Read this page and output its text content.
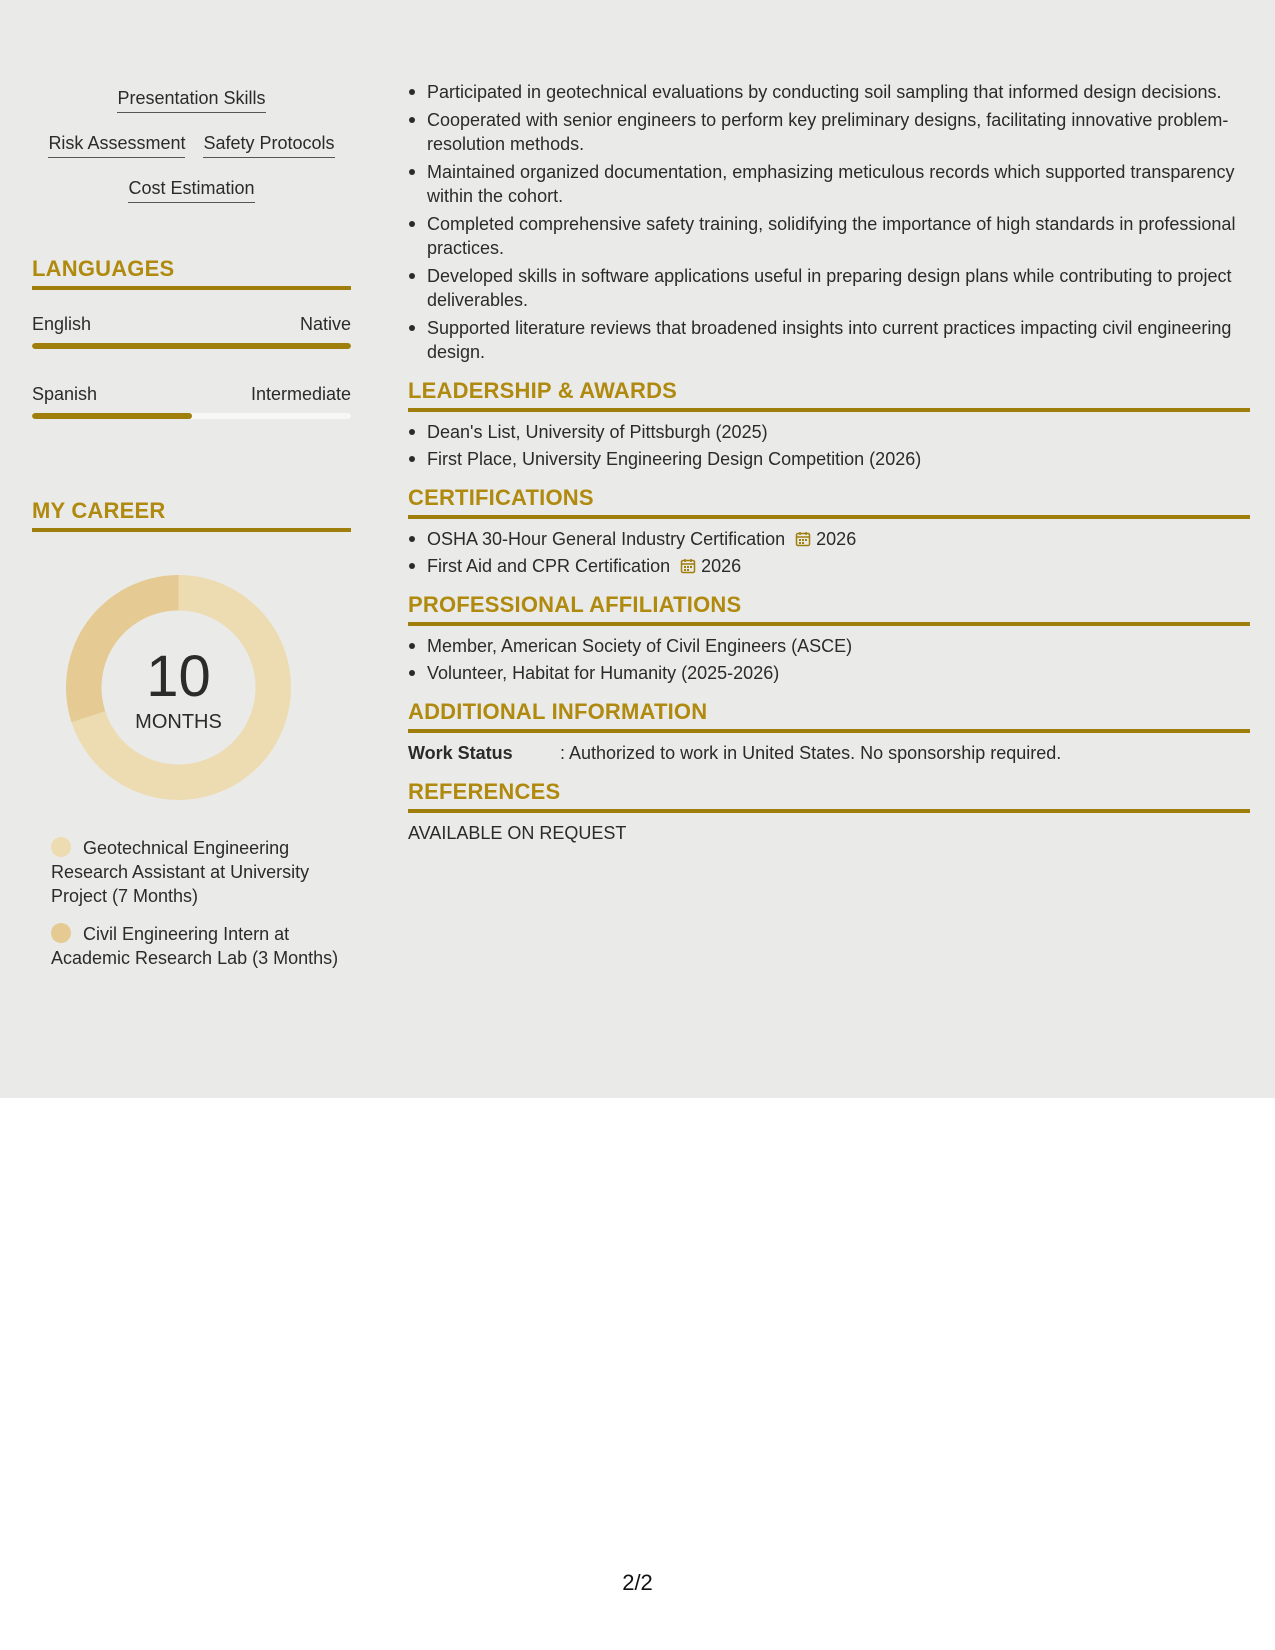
Presentation Skills
Risk Assessment Safety Protocols
Cost Estimation
LANGUAGES
English	Native
Spanish	Intermediate
MY CAREER
10
MONTHS
Geotechnical Engineering Research Assistant at University Project (7 Months)
Civil Engineering Intern at Academic Research Lab (3 Months)
Participated in geotechnical evaluations by conducting soil sampling that informed design decisions.
Cooperated with senior engineers to perform key preliminary designs, facilitating innovative problem-resolution methods.
Maintained organized documentation, emphasizing meticulous records which supported transparency within the cohort.
Completed comprehensive safety training, solidifying the importance of high standards in professional practices.
Developed skills in software applications useful in preparing design plans while contributing to project deliverables.
Supported literature reviews that broadened insights into current practices impacting civil engineering design.
LEADERSHIP & AWARDS
Dean's List, University of Pittsburgh (2025)
First Place, University Engineering Design Competition (2026)
CERTIFICATIONS
OSHA 30-Hour General Industry Certification 2026
First Aid and CPR Certification 2026
PROFESSIONAL AFFILIATIONS
Member, American Society of Civil Engineers (ASCE)
Volunteer, Habitat for Humanity (2025-2026)
ADDITIONAL INFORMATION
Work Status	: Authorized to work in United States. No sponsorship required.
REFERENCES
AVAILABLE ON REQUEST
2/2
